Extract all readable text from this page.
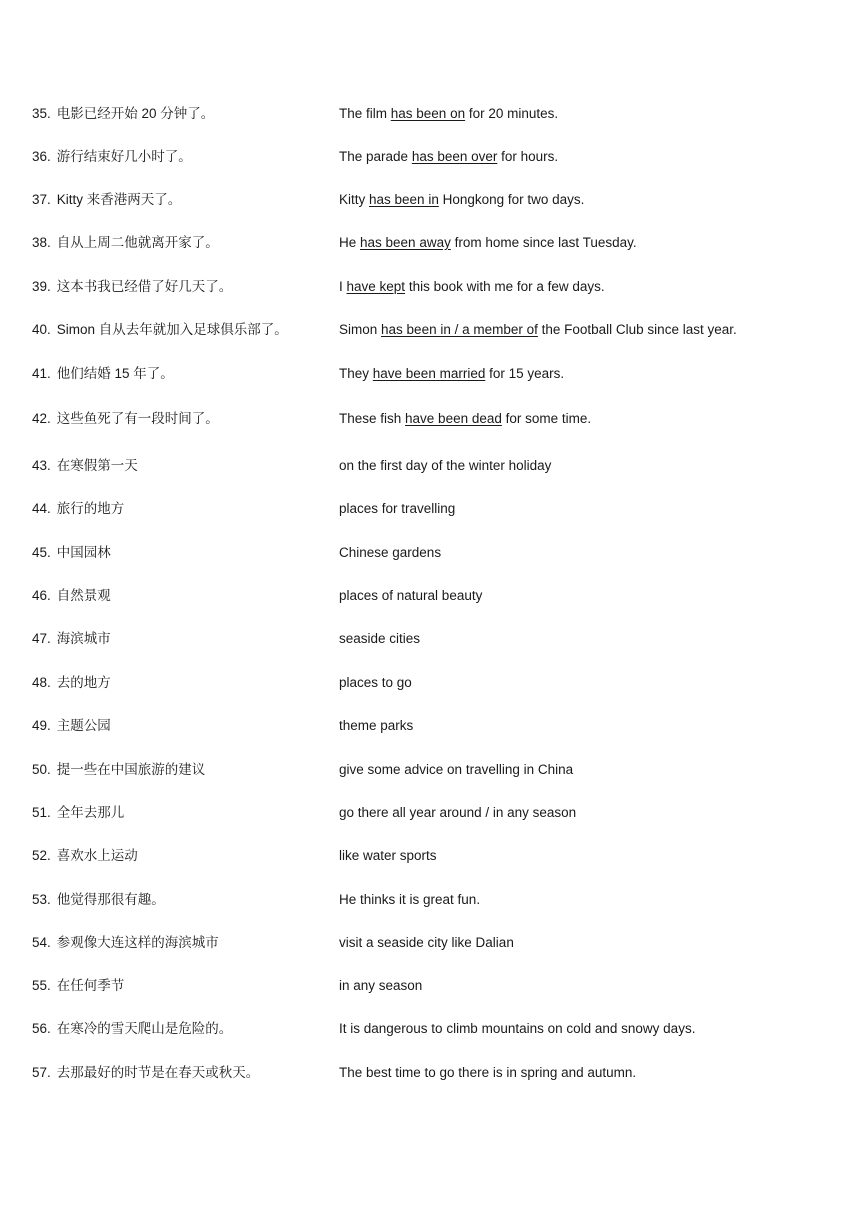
35. 电影已经开始 20 分钟了。	The film has been on for 20 minutes.
36. 游行结束好几小时了。	The parade has been over for hours.
37. Kitty 来香港两天了。	Kitty has been in Hongkong for two days.
38. 自从上周二他就离开家了。	He has been away from home since last Tuesday.
39. 这本书我已经借了好几天了。	I have kept this book with me for a few days.
40. Simon 自从去年就加入足球俱乐部了。	Simon has been in / a member of the Football Club since last year.
41. 他们结婚 15 年了。	They have been married for 15 years.
42. 这些鱼死了有一段时间了。	These fish have been dead for some time.
43. 在寒假第一天	on the first day of the winter holiday
44. 旅行的地方	places for travelling
45. 中国园林	Chinese gardens
46. 自然景观	places of natural beauty
47. 海滨城市	seaside cities
48. 去的地方	places to go
49. 主题公园	theme parks
50. 提一些在中国旅游的建议	give some advice on travelling in China
51. 全年去那儿	go there all year around / in any season
52. 喜欢水上运动	like water sports
53. 他觉得那很有趣。	He thinks it is great fun.
54. 参观像大连这样的海滨城市	visit a seaside city like Dalian
55. 在任何季节	in any season
56. 在寒冷的雪天爬山是危险的。	It is dangerous to climb mountains on cold and snowy days.
57. 去那最好的时节是在春天或秋天。	The best time to go there is in spring and autumn.
